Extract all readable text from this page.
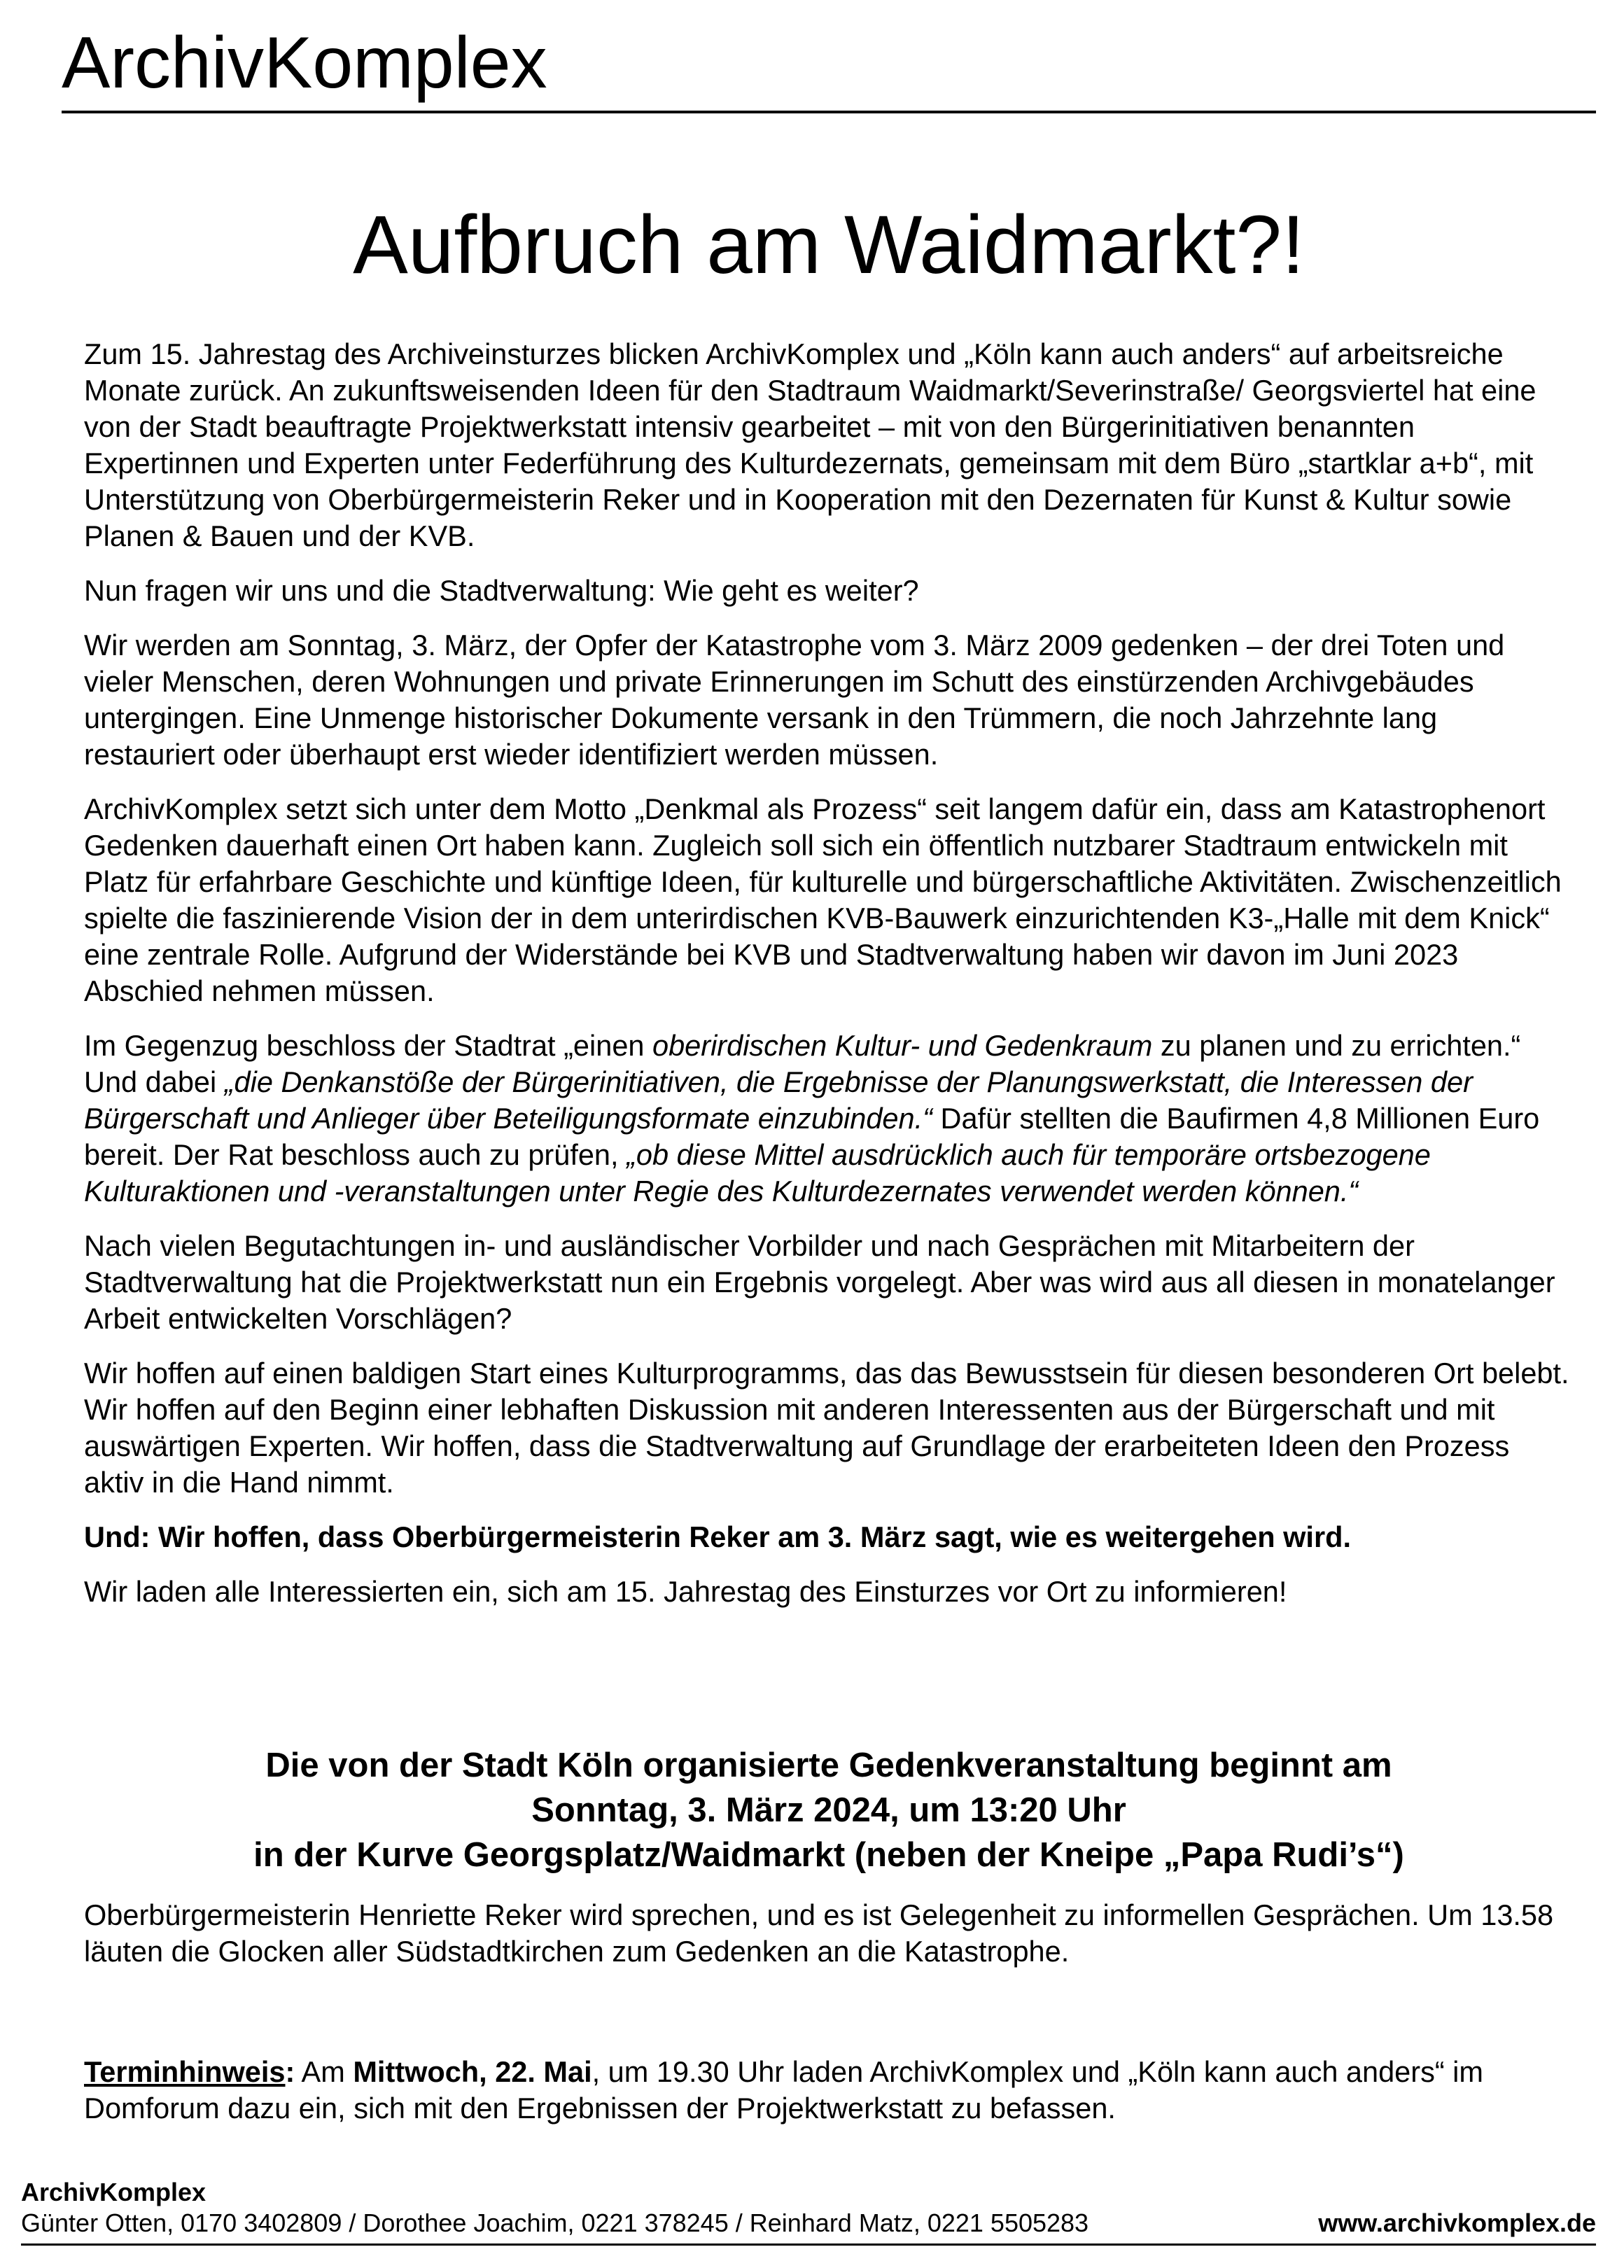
ArchivKomplex
Aufbruch am Waidmarkt?!

Zum 15. Jahrestag des Archiveinsturzes blicken ArchivKomplex und „Köln kann auch anders“ auf arbeitsreiche Monate zurück. An zukunftsweisenden Ideen für den Stadtraum Waidmarkt/Severinstraße/ Georgsviertel hat eine von der Stadt beauftragte Projektwerkstatt intensiv gearbeitet – mit von den Bürgerinitiativen benannten Expertinnen und Experten unter Federführung des Kulturdezernats, gemeinsam mit dem Büro „startklar a+b“, mit Unterstützung von Oberbürgermeisterin Reker und in Kooperation mit den Dezernaten für Kunst & Kultur sowie Planen & Bauen und der KVB.

Nun fragen wir uns und die Stadtverwaltung: Wie geht es weiter?

Wir werden am Sonntag, 3. März, der Opfer der Katastrophe vom 3. März 2009 gedenken – der drei Toten und vieler Menschen, deren Wohnungen und private Erinnerungen im Schutt des einstürzenden Archivgebäudes untergingen. Eine Unmenge historischer Dokumente versank in den Trümmern, die noch Jahrzehnte lang restauriert oder überhaupt erst wieder identifiziert werden müssen.

ArchivKomplex setzt sich unter dem Motto „Denkmal als Prozess“ seit langem dafür ein, dass am Katastrophenort Gedenken dauerhaft einen Ort haben kann. Zugleich soll sich ein öffentlich nutzbarer Stadtraum entwickeln mit Platz für erfahrbare Geschichte und künftige Ideen, für kulturelle und bürgerschaftliche Aktivitäten. Zwischenzeitlich spielte die faszinierende Vision der in dem unterirdischen KVB-Bauwerk einzurichtenden K3-„Halle mit dem Knick“ eine zentrale Rolle. Aufgrund der Widerstände bei KVB und Stadtverwaltung haben wir davon im Juni 2023 Abschied nehmen müssen.

Im Gegenzug beschloss der Stadtrat „einen oberirdischen Kultur- und Gedenkraum zu planen und zu errichten.“ Und dabei „die Denkanstöße der Bürgerinitiativen, die Ergebnisse der Planungswerkstatt, die Interessen der Bürgerschaft und Anlieger über Beteiligungsformate einzubinden.“ Dafür stellten die Baufirmen 4,8 Millionen Euro bereit. Der Rat beschloss auch zu prüfen, „ob diese Mittel ausdrücklich auch für temporäre ortsbezogene Kulturaktionen und -veranstaltungen unter Regie des Kulturdezernates verwendet werden können.“

Nach vielen Begutachtungen in- und ausländischer Vorbilder und nach Gesprächen mit Mitarbeitern der Stadtverwaltung hat die Projektwerkstatt nun ein Ergebnis vorgelegt. Aber was wird aus all diesen in monatelanger Arbeit entwickelten Vorschlägen?

Wir hoffen auf einen baldigen Start eines Kulturprogramms, das das Bewusstsein für diesen besonderen Ort belebt. Wir hoffen auf den Beginn einer lebhaften Diskussion mit anderen Interessenten aus der Bürgerschaft und mit auswärtigen Experten. Wir hoffen, dass die Stadtverwaltung auf Grundlage der erarbeiteten Ideen den Prozess aktiv in die Hand nimmt.

Und: Wir hoffen, dass Oberbürgermeisterin Reker am 3. März sagt, wie es weitergehen wird.

Wir laden alle Interessierten ein, sich am 15. Jahrestag des Einsturzes vor Ort zu informieren!

Die von der Stadt Köln organisierte Gedenkveranstaltung beginnt am
Sonntag, 3. März 2024, um 13:20 Uhr
in der Kurve Georgsplatz/Waidmarkt (neben der Kneipe „Papa Rudi’s“)

Oberbürgermeisterin Henriette Reker wird sprechen, und es ist Gelegenheit zu informellen Gesprächen. Um 13.58 läuten die Glocken aller Südstadtkirchen zum Gedenken an die Katastrophe.

Terminhinweis: Am Mittwoch, 22. Mai, um 19.30 Uhr laden ArchivKomplex und „Köln kann auch anders“ im Domforum dazu ein, sich mit den Ergebnissen der Projektwerkstatt zu befassen.

ArchivKomplex
Günter Otten, 0170 3402809 / Dorothee Joachim, 0221 378245 / Reinhard Matz, 0221 5505283	www.archivkomplex.de
